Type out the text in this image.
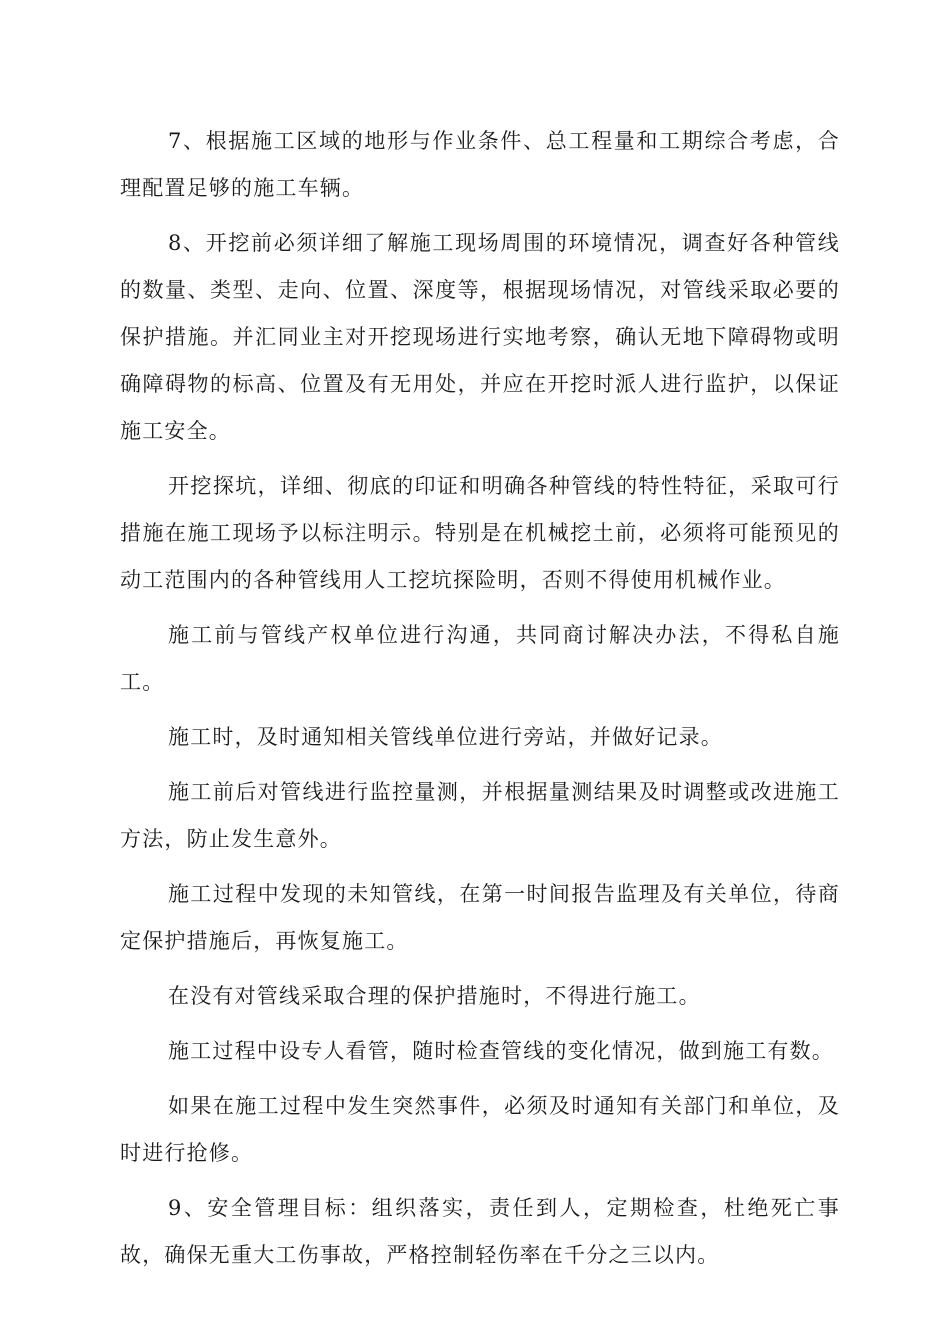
7、根据施工区域的地形与作业条件、总工程量和工期综合考虑，合理配置足够的施工车辆。

8、开挖前必须详细了解施工现场周围的环境情况，调查好各种管线的数量、类型、走向、位置、深度等，根据现场情况，对管线采取必要的保护措施。并汇同业主对开挖现场进行实地考察，确认无地下障碍物或明确障碍物的标高、位置及有无用处，并应在开挖时派人进行监护，以保证施工安全。

开挖探坑，详细、彻底的印证和明确各种管线的特性特征，采取可行措施在施工现场予以标注明示。特别是在机械挖土前，必须将可能预见的动工范围内的各种管线用人工挖坑探险明，否则不得使用机械作业。

施工前与管线产权单位进行沟通，共同商讨解决办法，不得私自施工。

施工时，及时通知相关管线单位进行旁站，并做好记录。

施工前后对管线进行监控量测，并根据量测结果及时调整或改进施工方法，防止发生意外。

施工过程中发现的未知管线，在第一时间报告监理及有关单位，待商定保护措施后，再恢复施工。

在没有对管线采取合理的保护措施时，不得进行施工。

施工过程中设专人看管，随时检查管线的变化情况，做到施工有数。

如果在施工过程中发生突然事件，必须及时通知有关部门和单位，及时进行抢修。

9、安全管理目标：组织落实，责任到人，定期检查，杜绝死亡事故，确保无重大工伤事故，严格控制轻伤率在千分之三以内。
